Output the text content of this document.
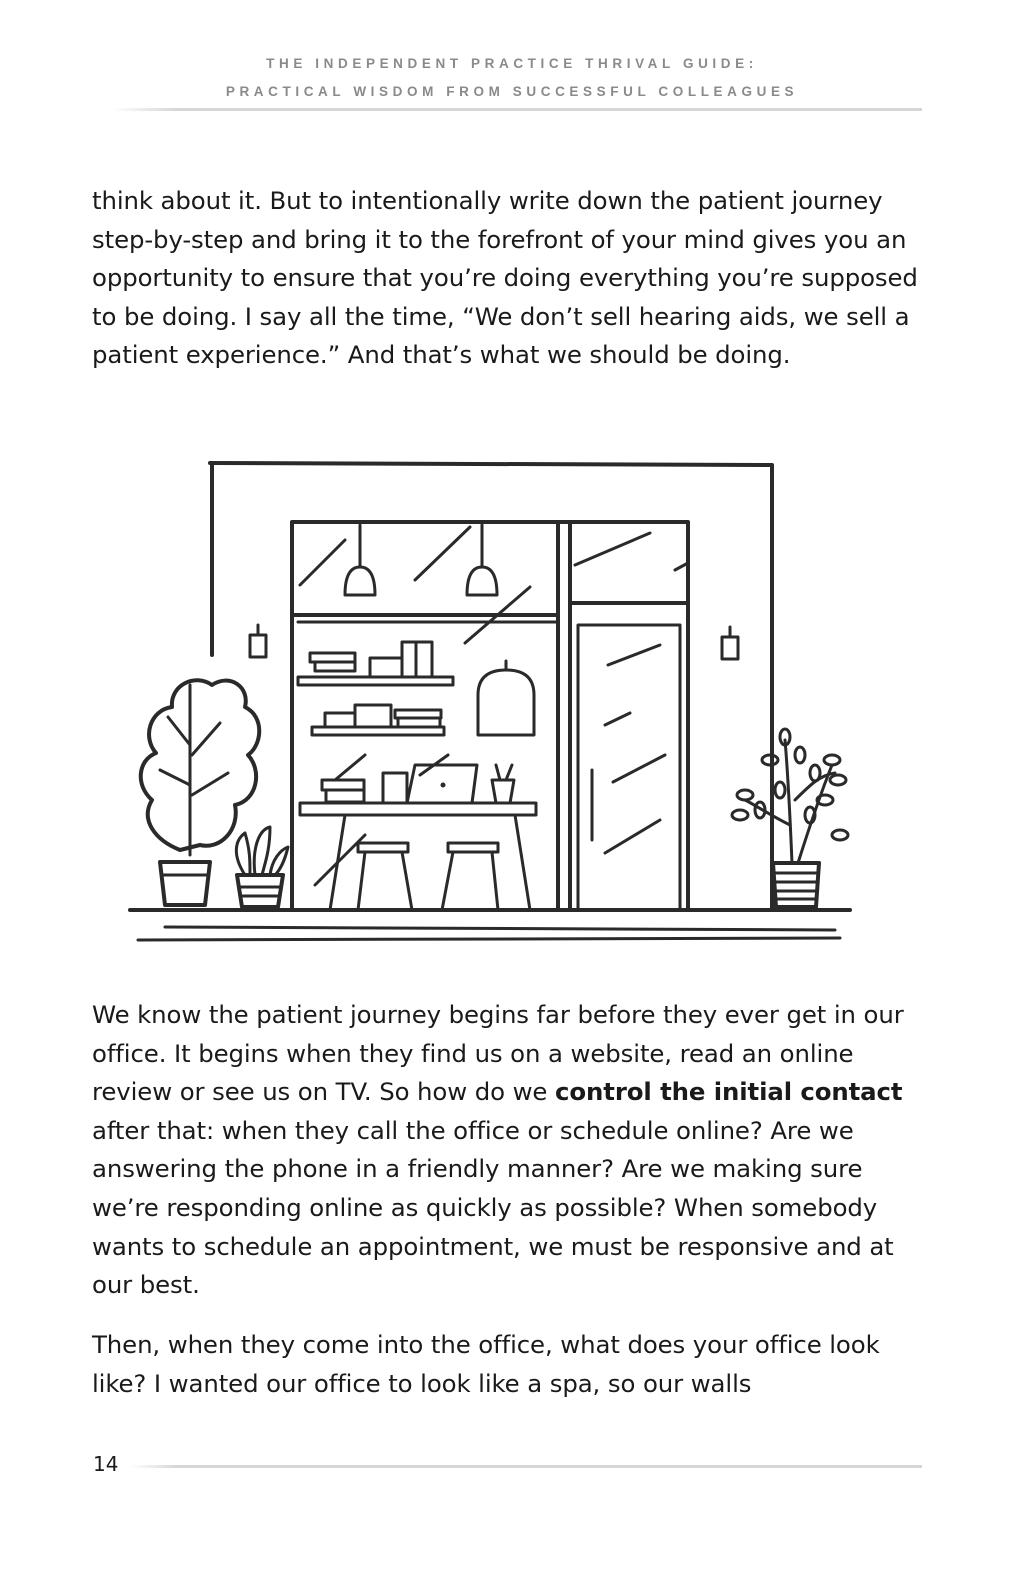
THE INDEPENDENT PRACTICE THRIVAL GUIDE:
PRACTICAL WISDOM FROM SUCCESSFUL COLLEAGUES

think about it. But to intentionally write down the patient journey step-by-step and bring it to the forefront of your mind gives you an opportunity to ensure that you’re doing everything you’re supposed to be doing. I say all the time, “We don’t sell hearing aids, we sell a patient experience.” And that’s what we should be doing.

We know the patient journey begins far before they ever get in our office. It begins when they find us on a website, read an online review or see us on TV. So how do we control the initial contact after that: when they call the office or schedule online? Are we answering the phone in a friendly manner? Are we making sure we’re responding online as quickly as possible? When somebody wants to schedule an appointment, we must be responsive and at our best.

Then, when they come into the office, what does your office look like? I wanted our office to look like a spa, so our walls

14
